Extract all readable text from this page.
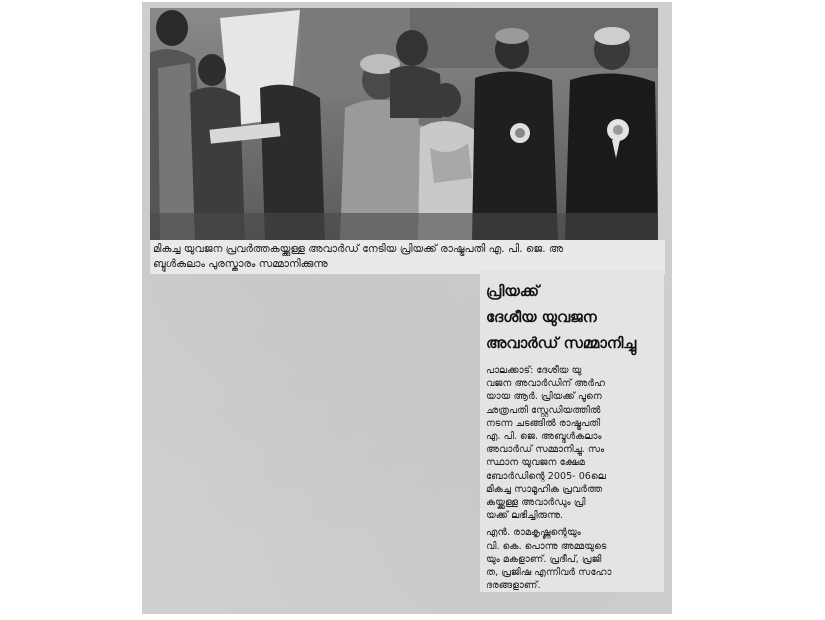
മികച്ച യുവജന പ്രവർത്തകയ്ക്കുള്ള അവാർഡ് നേടിയ പ്രിയക്ക് രാഷ്ട്രപതി എ. പി. ജെ. അ
ബ്ദുൾകലാം പുരസ്കാരം സമ്മാനിക്കുന്നു
പ്രിയക്ക്
ദേശീയ യുവജന
അവാർഡ് സമ്മാനിച്ചു
പാലക്കാട്: ദേശീയ യു
വജന അവാർഡിന് അർഹ
യായ ആർ. പ്രിയക്ക് പൂനെ
ഛത്രപതി സ്റ്റേഡിയത്തിൽ
നടന്ന ചടങ്ങിൽ രാഷ്ട്രപതി
എ. പി. ജെ. അബ്ദുൾകലാം
അവാർഡ് സമ്മാനിച്ചു. സം
സ്ഥാന യുവജന ക്ഷേമ
ബോർഡിന്റെ 2005- 06ലെ
മികച്ച സാമൂഹിക പ്രവർത്ത
കയ്ക്കുള്ള അവാർഡും പ്രി
യക്ക് ലഭിച്ചിരുന്നു.
എൻ. രാമകൃഷ്ണന്റെയും
വി. കെ. പൊന്നു അമ്മയുടെ
യും മകളാണ്. പ്രദീപ്, പ്രജി
ത, പ്രജിഷ എന്നിവർ സഹോ
ദരങ്ങളാണ്.
